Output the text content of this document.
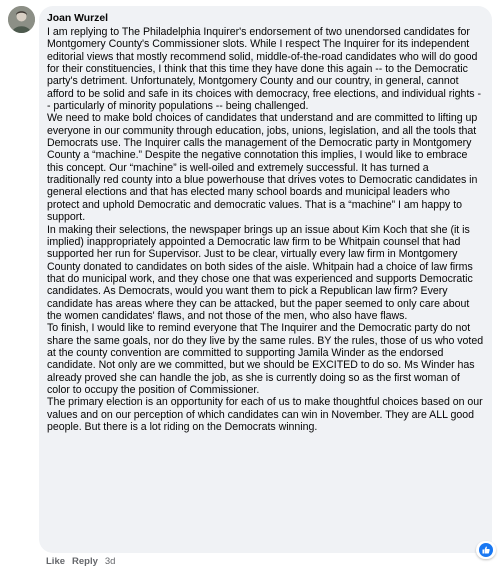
Joan Wurzel

I am replying to The Philadelphia Inquirer's endorsement of two unendorsed candidates for Montgomery County's Commissioner slots. While I respect The Inquirer for its independent editorial views that mostly recommend solid, middle-of-the-road candidates who will do good for their constituencies, I think that this time they have done this again -- to the Democratic party's detriment. Unfortunately, Montgomery County and our country, in general, cannot afford to be solid and safe in its choices with democracy, free elections, and individual rights -- particularly of minority populations -- being challenged.

We need to make bold choices of candidates that understand and are committed to lifting up everyone in our community through education, jobs, unions, legislation, and all the tools that Democrats use. The Inquirer calls the management of the Democratic party in Montgomery County a “machine.” Despite the negative connotation this implies, I would like to embrace this concept. Our “machine” is well-oiled and extremely successful. It has turned a traditionally red county into a blue powerhouse that drives votes to Democratic candidates in general elections and that has elected many school boards and municipal leaders who protect and uphold Democratic and democratic values. That is a “machine” I am happy to support.

In making their selections, the newspaper brings up an issue about Kim Koch that she (it is implied) inappropriately appointed a Democratic law firm to be Whitpain counsel that had supported her run for Supervisor. Just to be clear, virtually every law firm in Montgomery County donated to candidates on both sides of the aisle. Whitpain had a choice of law firms that do municipal work, and they chose one that was experienced and supports Democratic candidates. As Democrats, would you want them to pick a Republican law firm? Every candidate has areas where they can be attacked, but the paper seemed to only care about the women candidates' flaws, and not those of the men, who also have flaws.

To finish, I would like to remind everyone that The Inquirer and the Democratic party do not share the same goals, nor do they live by the same rules. BY the rules, those of us who voted at the county convention are committed to supporting Jamila Winder as the endorsed candidate. Not only are we committed, but we should be EXCITED to do so. Ms Winder has already proved she can handle the job, as she is currently doing so as the first woman of color to occupy the position of Commissioner.

The primary election is an opportunity for each of us to make thoughtful choices based on our values and on our perception of which candidates can win in November. They are ALL good people. But there is a lot riding on the Democrats winning.

Like Reply 3d
